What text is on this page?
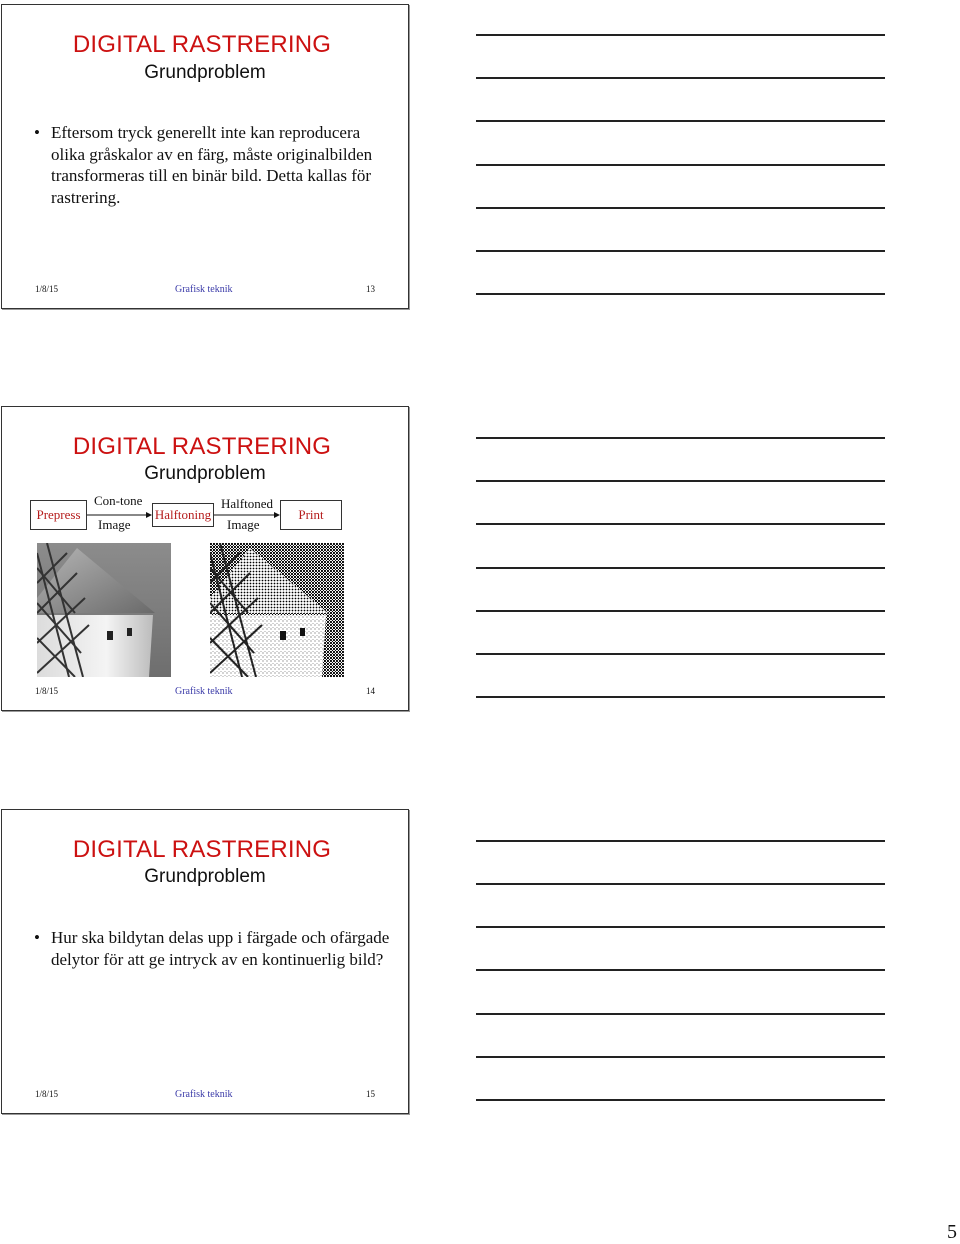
DIGITAL RASTRERING
Grundproblem
• Eftersom tryck generellt inte kan reproducera olika gråskalor av en färg, måste originalbilden transformeras till en binär bild. Detta kallas för rastrering.
1/8/15	Grafisk teknik	13
DIGITAL RASTRERING
Grundproblem
Prepress
Con-tone
Image
Halftoning
Halftoned
Image
Print
1/8/15	Grafisk teknik	14
DIGITAL RASTRERING
Grundproblem
• Hur ska bildytan delas upp i färgade och ofärgade delytor för att ge intryck av en kontinuerlig bild?
1/8/15	Grafisk teknik	15
5
